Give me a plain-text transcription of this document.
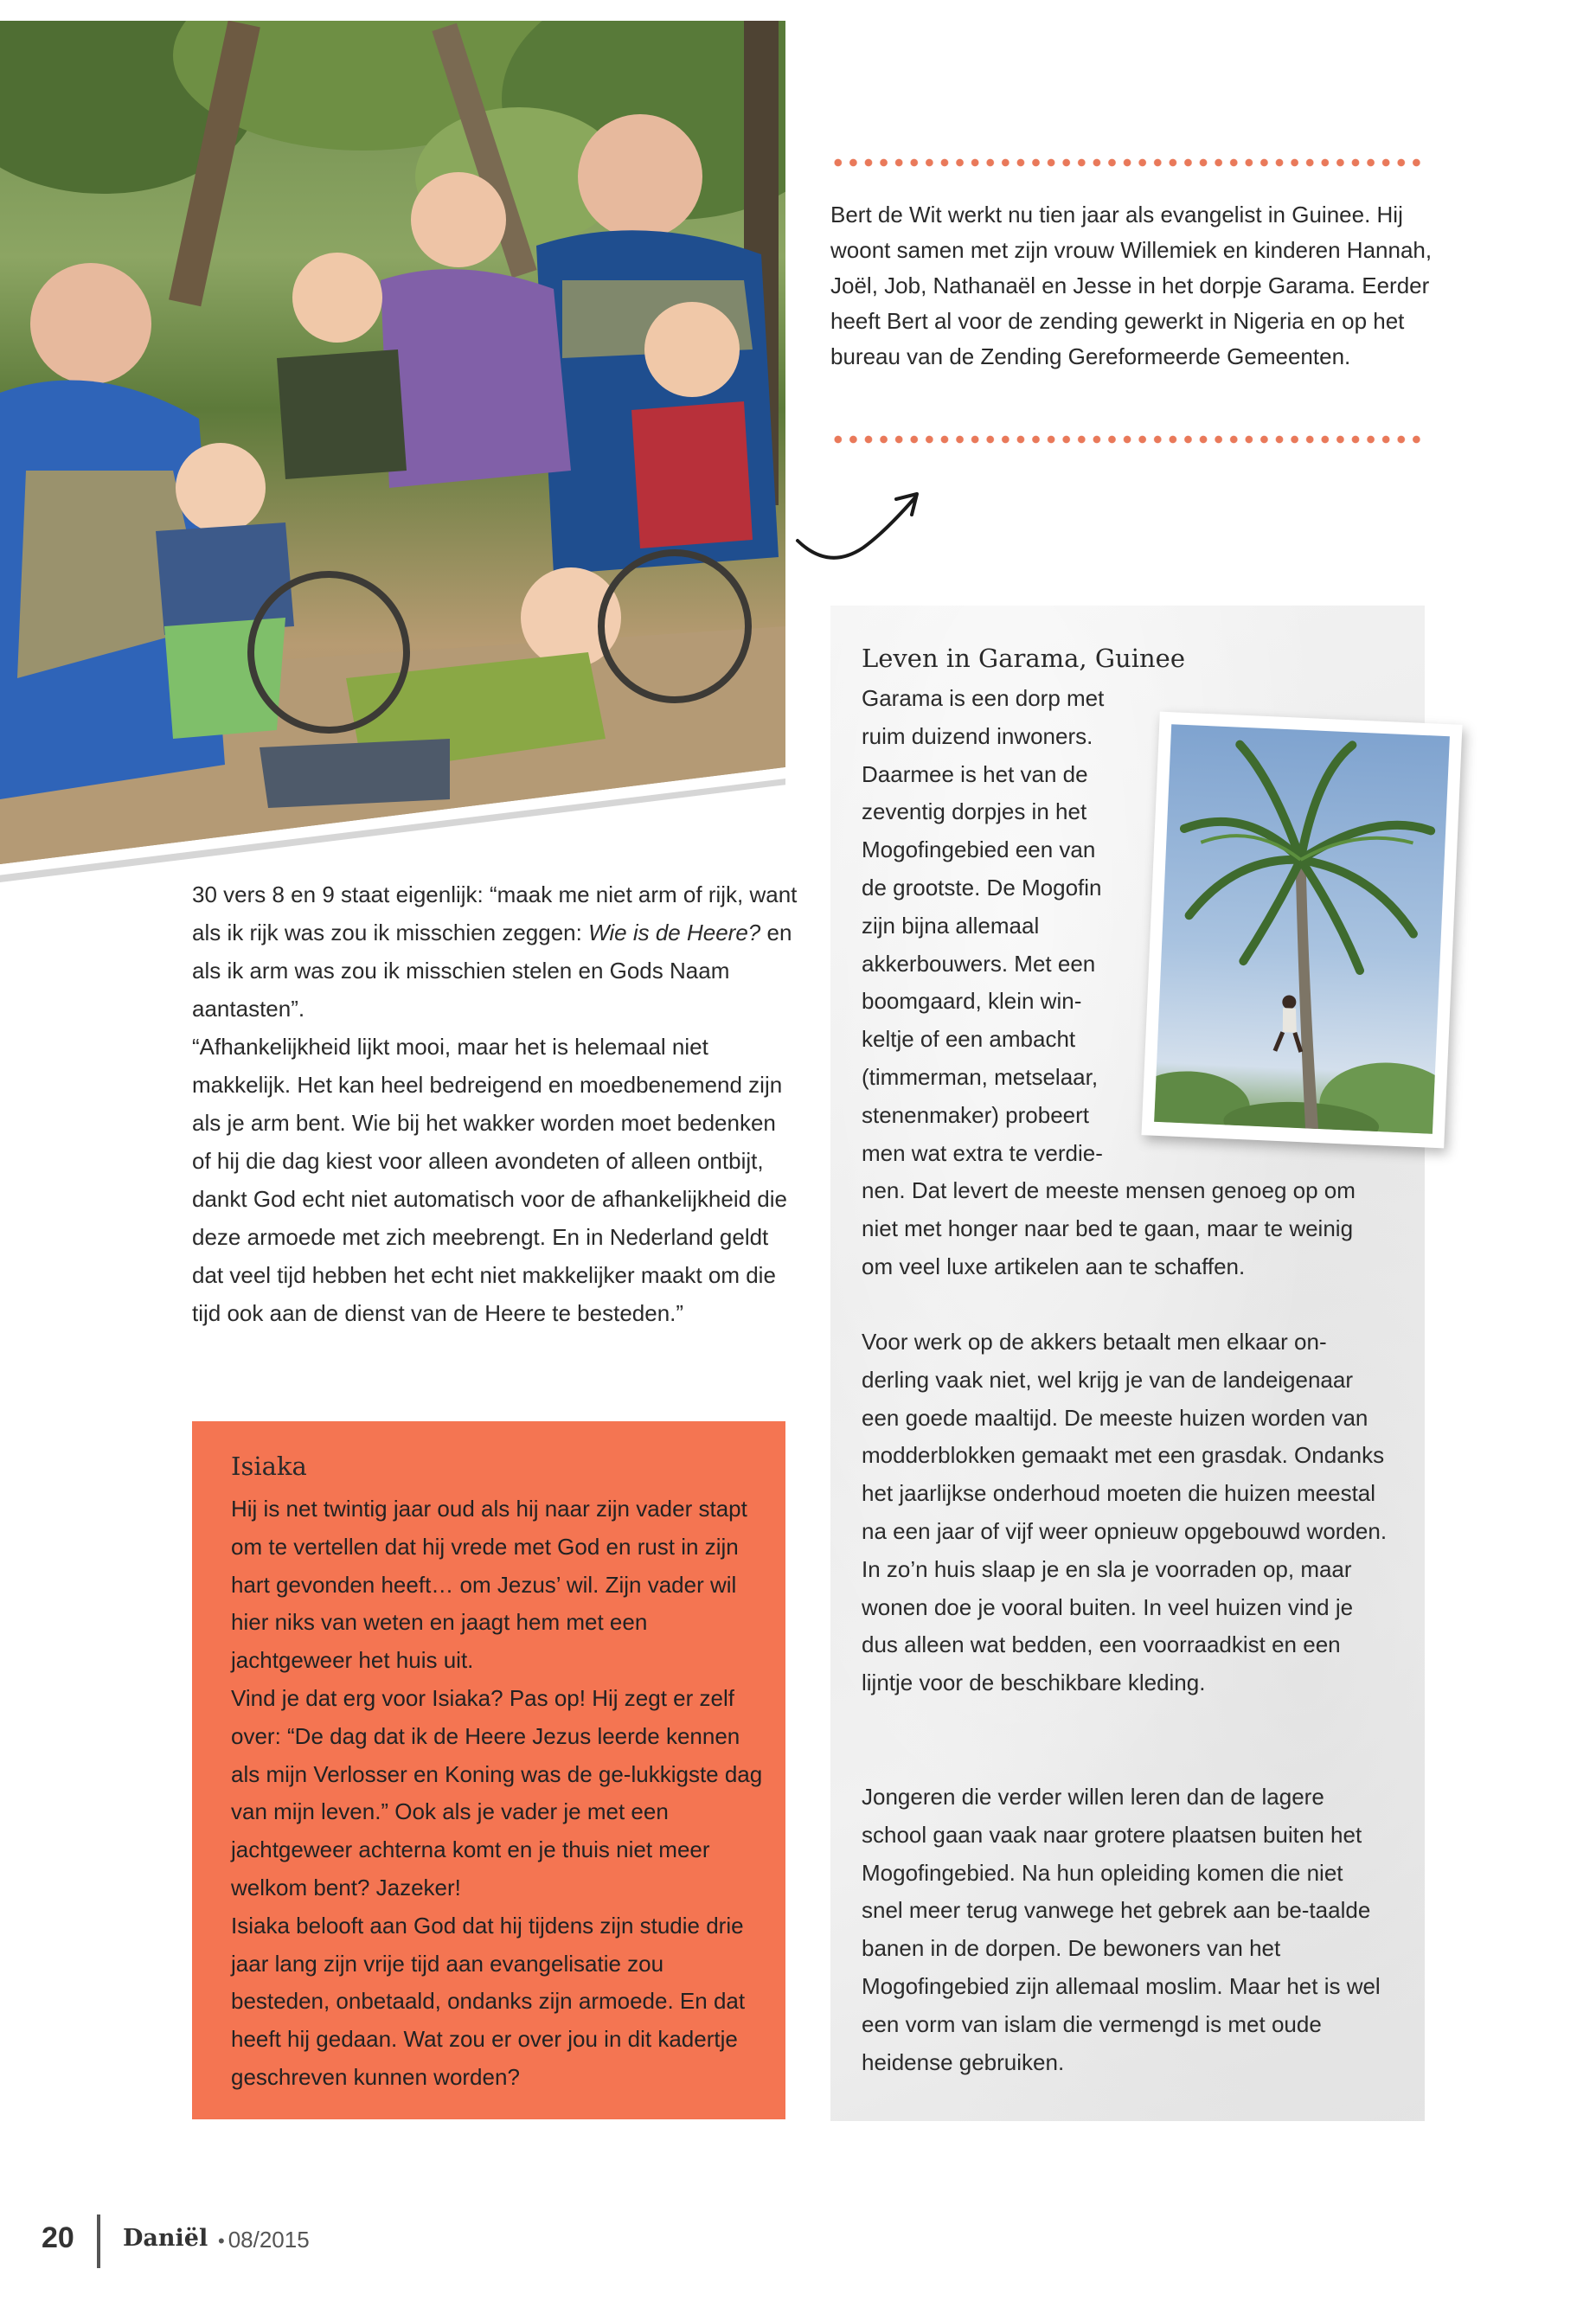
Bert de Wit werkt nu tien jaar als evangelist in Guinee. Hij woont samen met zijn vrouw Willemiek en kinderen Hannah, Joël, Job, Nathanaël en Jesse in het dorpje Garama. Eerder heeft Bert al voor de zending gewerkt in Nigeria en op het bureau van de Zending Gereformeerde Gemeenten.

30 vers 8 en 9 staat eigenlijk: “maak me niet arm of rijk, want als ik rijk was zou ik misschien zeggen: Wie is de Heere? en als ik arm was zou ik misschien stelen en Gods Naam aantasten”.

“Afhankelijkheid lijkt mooi, maar het is helemaal niet makkelijk. Het kan heel bedreigend en moedbenemend zijn als je arm bent. Wie bij het wakker worden moet bedenken of hij die dag kiest voor alleen avondeten of alleen ontbijt, dankt God echt niet automatisch voor de afhankelijkheid die deze armoede met zich meebrengt. En in Nederland geldt dat veel tijd hebben het echt niet makkelijker maakt om die tijd ook aan de dienst van de Heere te besteden.”

Isiaka

Hij is net twintig jaar oud als hij naar zijn vader stapt om te vertellen dat hij vrede met God en rust in zijn hart gevonden heeft… om Jezus’ wil. Zijn vader wil hier niks van weten en jaagt hem met een jachtgeweer het huis uit.

Vind je dat erg voor Isiaka? Pas op! Hij zegt er zelf over: “De dag dat ik de Heere Jezus leerde kennen als mijn Verlosser en Koning was de ge-lukkigste dag van mijn leven.” Ook als je vader je met een jachtgeweer achterna komt en je thuis niet meer welkom bent? Jazeker!

Isiaka belooft aan God dat hij tijdens zijn studie drie jaar lang zijn vrije tijd aan evangelisatie zou besteden, onbetaald, ondanks zijn armoede. En dat heeft hij gedaan. Wat zou er over jou in dit kadertje geschreven kunnen worden?

Leven in Garama, Guinee
Garama is een dorp met
ruim duizend inwoners.
Daarmee is het van de
zeventig dorpjes in het
Mogofingebied een van
de grootste. De Mogofin
zijn bijna allemaal
akkerbouwers. Met een
boomgaard, klein win-
keltje of een ambacht
(timmerman, metselaar,
stenenmaker) probeert
men wat extra te verdie-

nen. Dat levert de meeste mensen genoeg op om niet met honger naar bed te gaan, maar te weinig om veel luxe artikelen aan te schaffen.

Voor werk op de akkers betaalt men elkaar on-derling vaak niet, wel krijg je van de landeigenaar een goede maaltijd. De meeste huizen worden van modderblokken gemaakt met een grasdak. Ondanks het jaarlijkse onderhoud moeten die huizen meestal na een jaar of vijf weer opnieuw opgebouwd worden. In zo’n huis slaap je en sla je voorraden op, maar wonen doe je vooral buiten. In veel huizen vind je dus alleen wat bedden, een voorraadkist en een lijntje voor de beschikbare kleding.

Jongeren die verder willen leren dan de lagere school gaan vaak naar grotere plaatsen buiten het Mogofingebied. Na hun opleiding komen die niet snel meer terug vanwege het gebrek aan be-taalde banen in de dorpen. De bewoners van het Mogofingebied zijn allemaal moslim. Maar het is wel een vorm van islam die vermengd is met oude heidense gebruiken.

20 Daniël • 08/2015
